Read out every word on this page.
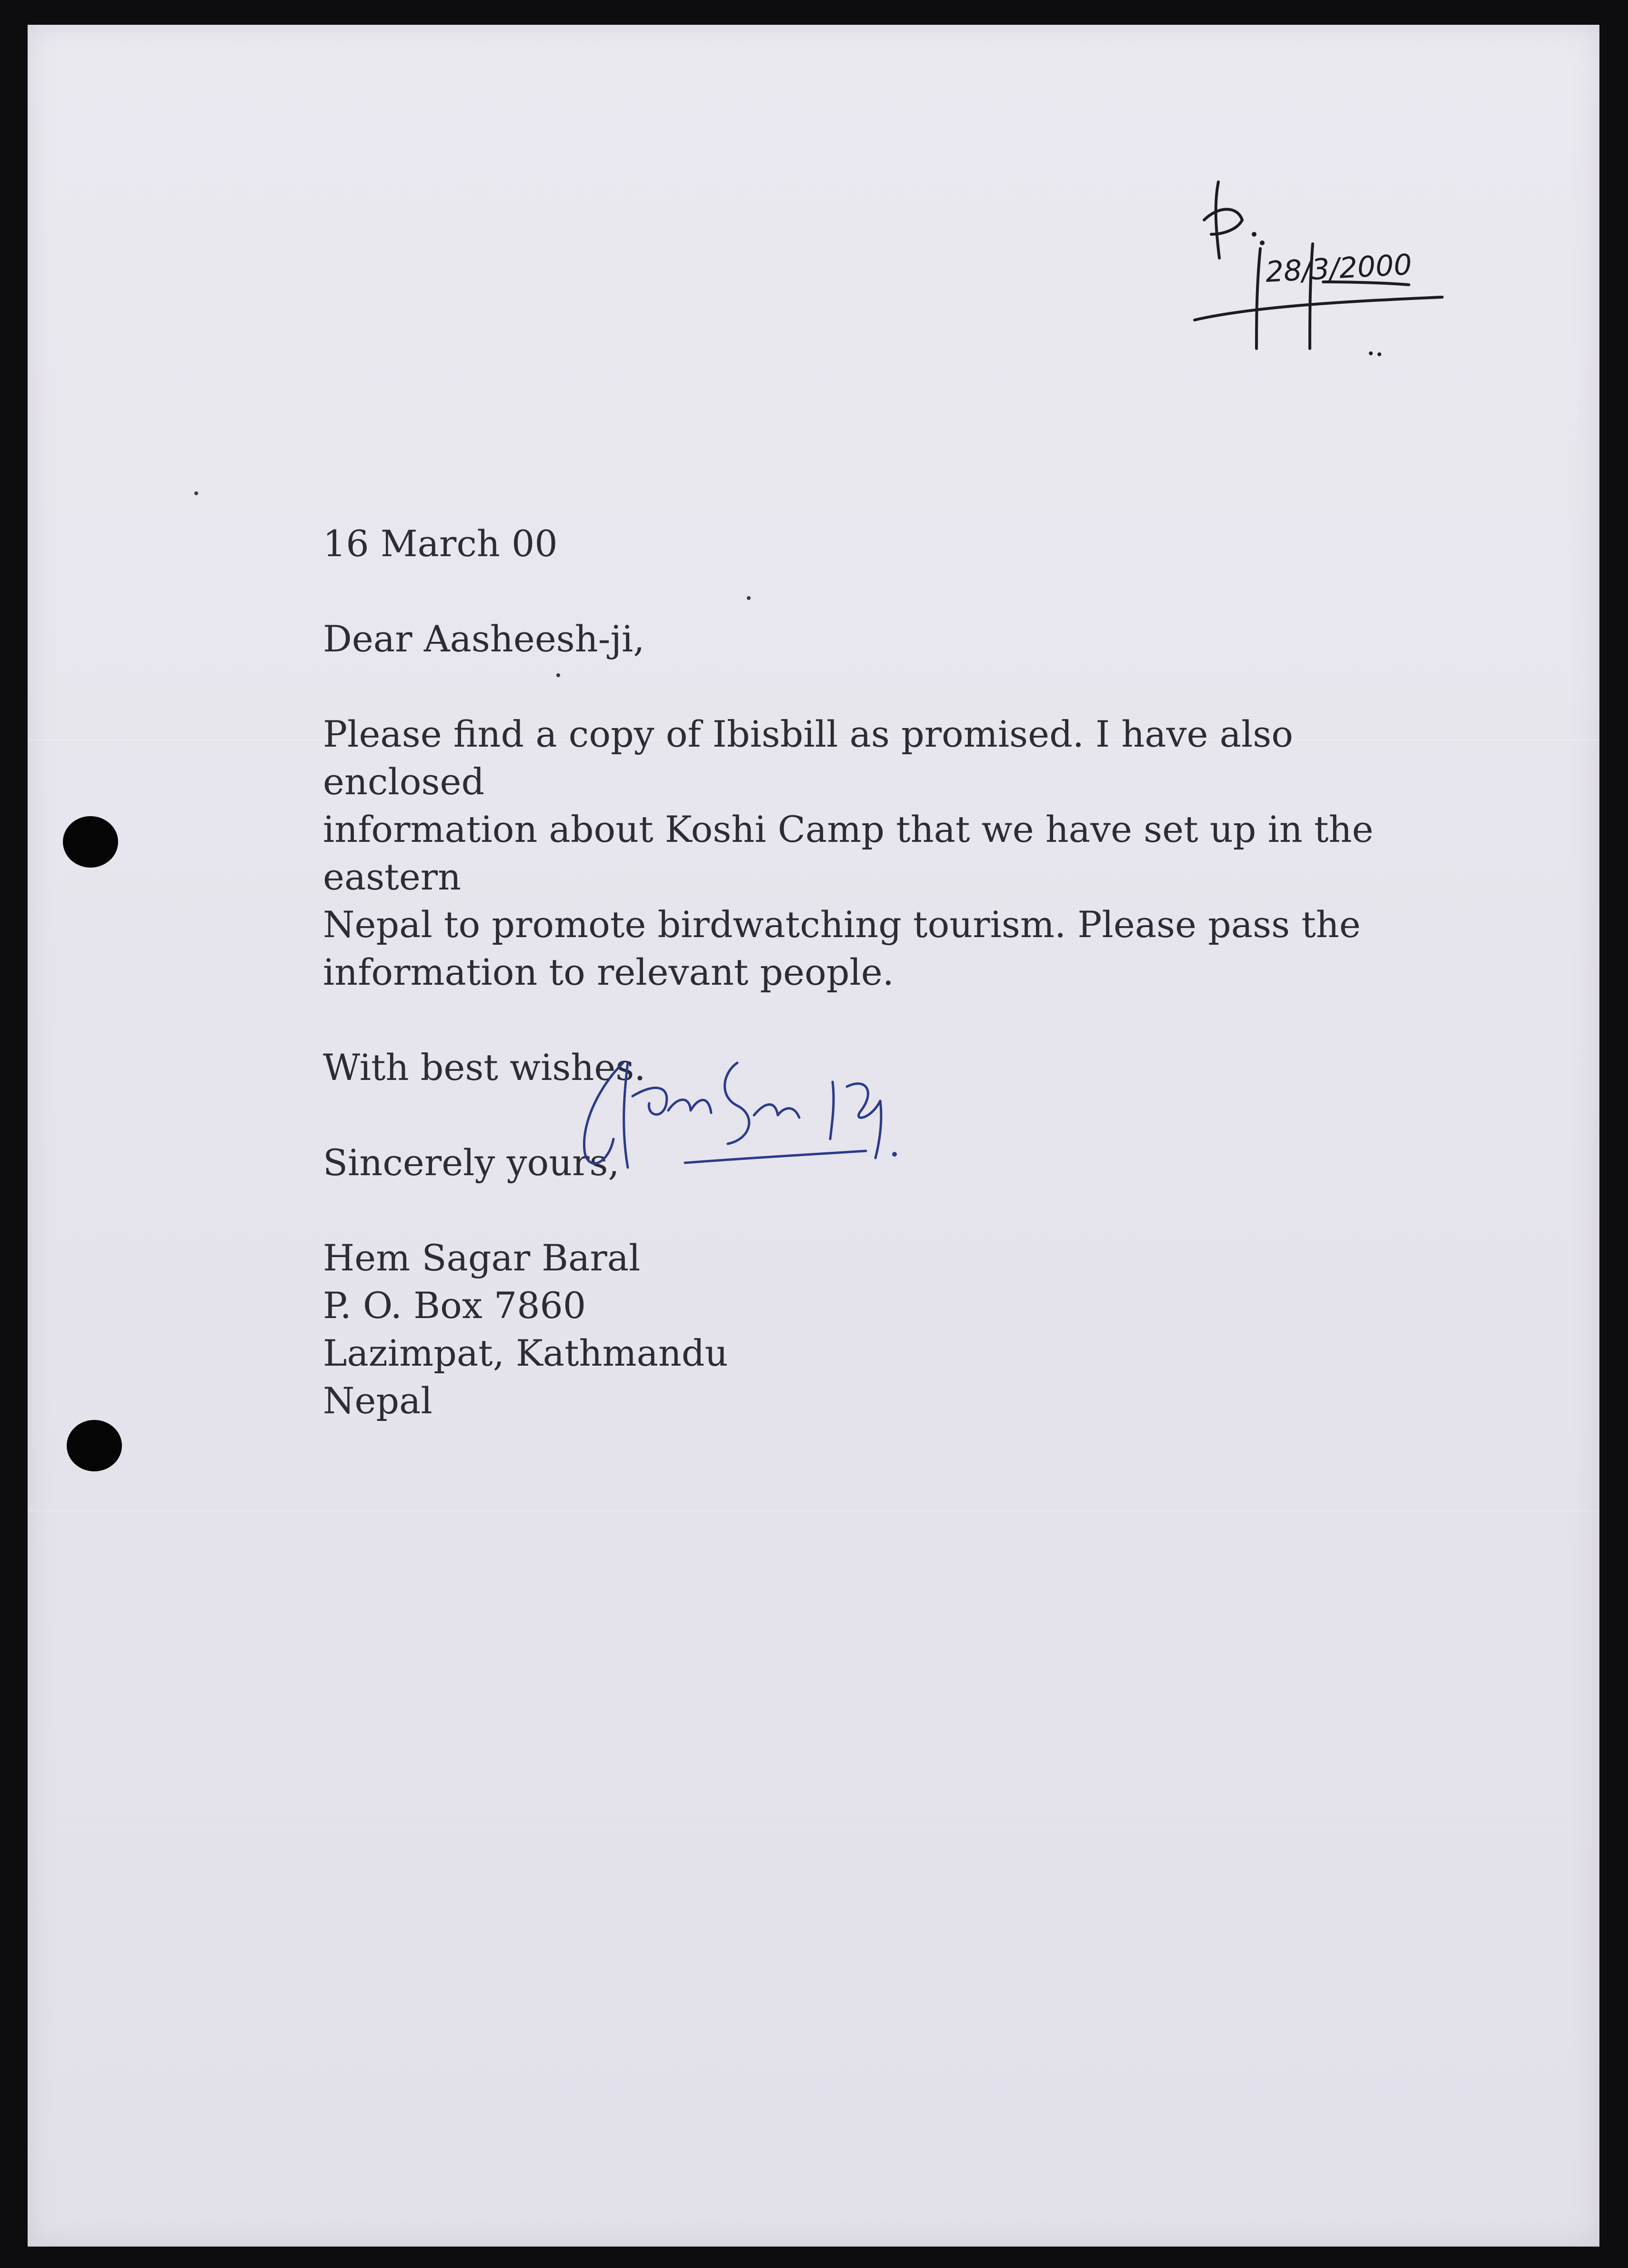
28/3/2000

16 March 00

Dear Aasheesh-ji,

Please find a copy of Ibisbill as promised. I have also enclosed
information about Koshi Camp that we have set up in the eastern
Nepal to promote birdwatching tourism. Please pass the
information to relevant people.

With best wishes.

Sincerely yours,

Hem Sagar Baral
P. O. Box 7860
Lazimpat, Kathmandu
Nepal
